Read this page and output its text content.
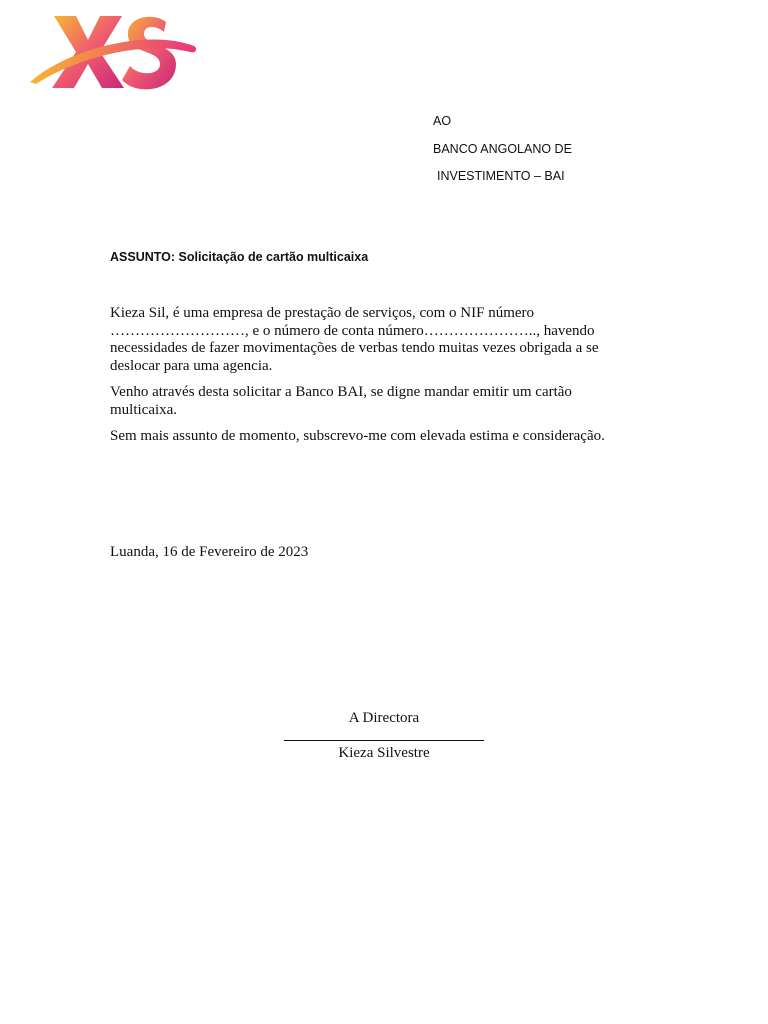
AO
BANCO ANGOLANO DE
INVESTIMENTO – BAI
ASSUNTO: Solicitação de cartão multicaixa

Kieza Sil, é uma empresa de prestação de serviços, com o NIF número
………………………, e o número de conta número………………….., havendo
necessidades de fazer movimentações de verbas tendo muitas vezes obrigada a se
deslocar para uma agencia.

Venho através desta solicitar a Banco BAI, se digne mandar emitir um cartão
multicaixa.

Sem mais assunto de momento, subscrevo-me com elevada estima e consideração.

Luanda, 16 de Fevereiro de 2023
A Directora
Kieza Silvestre
